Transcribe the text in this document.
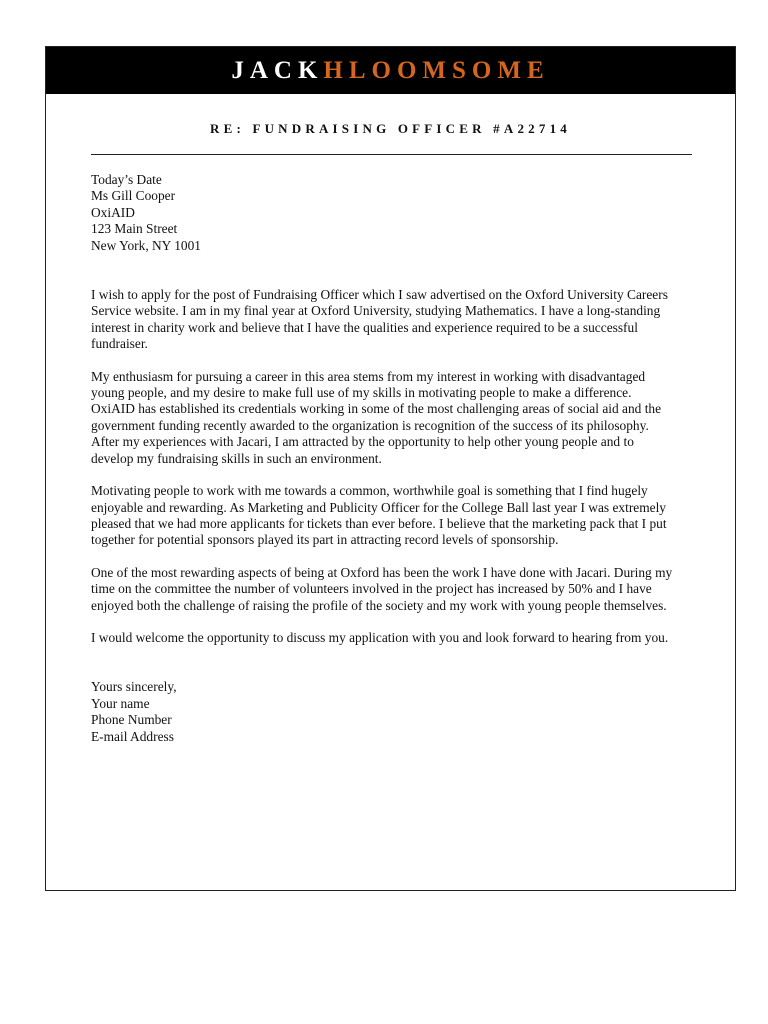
JACKHLOOMSOME
RE: FUNDRAISING OFFICER #A22714
Today’s Date
Ms Gill Cooper
OxiAID
123 Main Street
New York, NY 1001
I wish to apply for the post of Fundraising Officer which I saw advertised on the Oxford University Careers
Service website. I am in my final year at Oxford University, studying Mathematics. I have a long-standing
interest in charity work and believe that I have the qualities and experience required to be a successful
fundraiser.
My enthusiasm for pursuing a career in this area stems from my interest in working with disadvantaged
young people, and my desire to make full use of my skills in motivating people to make a difference.
OxiAID has established its credentials working in some of the most challenging areas of social aid and the
government funding recently awarded to the organization is recognition of the success of its philosophy.
After my experiences with Jacari, I am attracted by the opportunity to help other young people and to
develop my fundraising skills in such an environment.
Motivating people to work with me towards a common, worthwhile goal is something that I find hugely
enjoyable and rewarding. As Marketing and Publicity Officer for the College Ball last year I was extremely
pleased that we had more applicants for tickets than ever before. I believe that the marketing pack that I put
together for potential sponsors played its part in attracting record levels of sponsorship.
One of the most rewarding aspects of being at Oxford has been the work I have done with Jacari. During my
time on the committee the number of volunteers involved in the project has increased by 50% and I have
enjoyed both the challenge of raising the profile of the society and my work with young people themselves.
I would welcome the opportunity to discuss my application with you and look forward to hearing from you.
Yours sincerely,
Your name
Phone Number
E-mail Address
